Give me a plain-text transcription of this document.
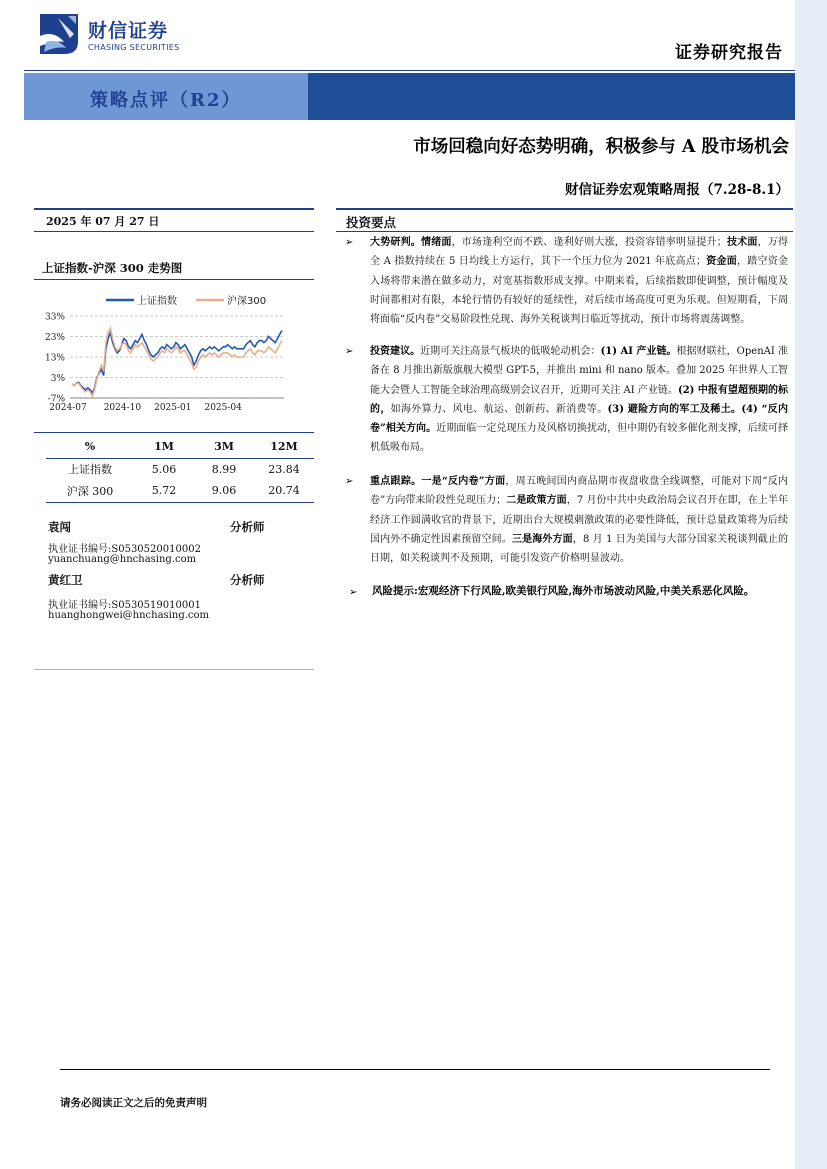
财信证券
CHASING SECURITIES	证券研究报告
策略点评（R2）
市场回稳向好态势明确，积极参与 A 股市场机会
财信证券宏观策略周报（7.28-8.1）
2025 年 07 月 27 日
上证指数-沪深 300 走势图
33%
23%
13%
3%
-7%
2024-07 2024-10 2025-01 2025-04
上证指数	沪深300
%	1M	3M	12M
上证指数	5.06	8.99	23.84
沪深 300	5.72	9.06	20.74
袁闯	分析师
执业证书编号:S0530520010002
yuanchuang@hnchasing.com
黄红卫	分析师
执业证书编号:S0530519010001
huanghongwei@hnchasing.com
投资要点
➢ 大势研判。情绪面，市场逢利空而不跌、逢利好则大涨，投资容错率明显提升；技术面，万得全 A 指数持续在 5 日均线上方运行，其下一个压力位为 2021 年底高点；资金面，踏空资金入场将带来潜在做多动力，对宽基指数形成支撑。中期来看，后续指数即使调整，预计幅度及时间都相对有限，本轮行情仍有较好的延续性，对后续市场高度可更为乐观。但短期看，下周将面临“反内卷”交易阶段性兑现、海外关税谈判日临近等扰动，预计市场将震荡调整。
➢ 投资建议。近期可关注高景气板块的低吸轮动机会：(1) AI 产业链。根据财联社，OpenAI 准备在 8 月推出新版旗舰大模型 GPT-5，并推出 mini 和 nano 版本。叠加 2025 年世界人工智能大会暨人工智能全球治理高级别会议召开，近期可关注 AI 产业链。(2) 中报有望超预期的标的，如海外算力、风电、航运、创新药、新消费等。(3) 避险方向的军工及稀土。(4) “反内卷”相关方向。近期面临一定兑现压力及风格切换扰动，但中期仍有较多催化剂支撑，后续可择机低吸布局。
➢ 重点跟踪。一是“反内卷”方面，周五晚间国内商品期市夜盘收盘全线调整，可能对下周“反内卷”方向带来阶段性兑现压力；二是政策方面，7 月份中共中央政治局会议召开在即，在上半年经济工作圆满收官的背景下，近期出台大规模刺激政策的必要性降低，预计总量政策将为后续国内外不确定性因素预留空间。三是海外方面，8 月 1 日为美国与大部分国家关税谈判截止的日期，如关税谈判不及预期，可能引发资产价格明显波动。
➢ 风险提示:宏观经济下行风险,欧美银行风险,海外市场波动风险,中美关系恶化风险。
请务必阅读正文之后的免责声明
